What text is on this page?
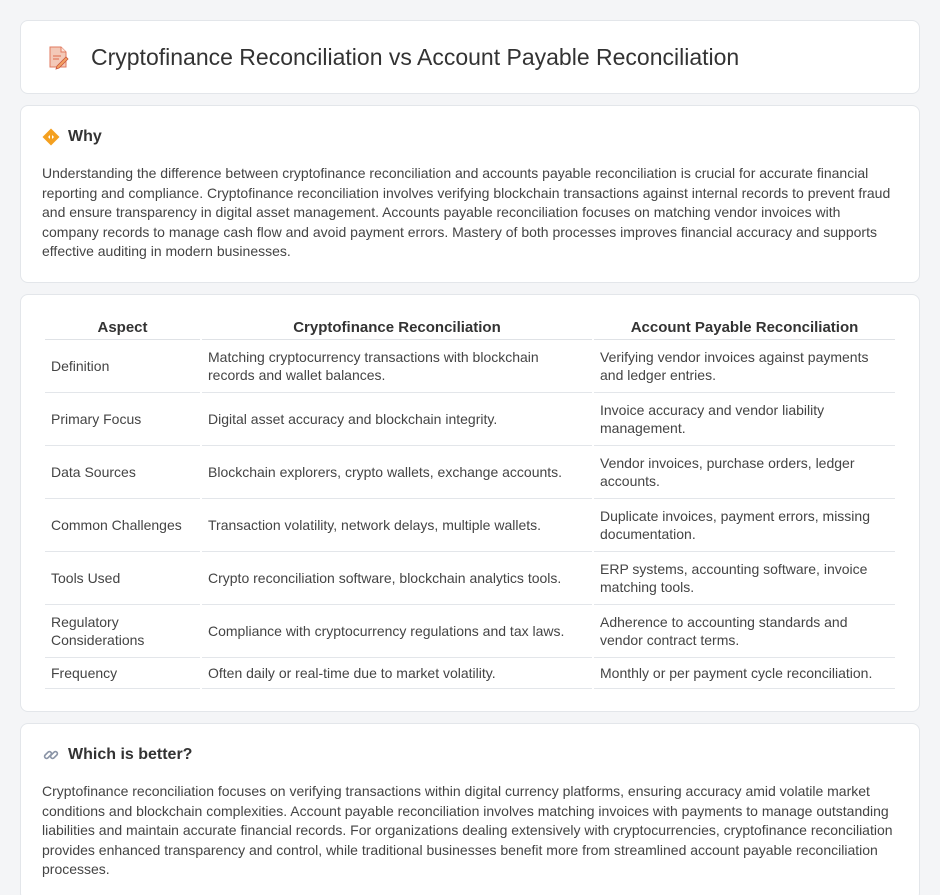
Cryptofinance Reconciliation vs Account Payable Reconciliation
Why

Understanding the difference between cryptofinance reconciliation and accounts payable reconciliation is crucial for accurate financial reporting and compliance. Cryptofinance reconciliation involves verifying blockchain transactions against internal records to prevent fraud and ensure transparency in digital asset management. Accounts payable reconciliation focuses on matching vendor invoices with company records to manage cash flow and avoid payment errors. Mastery of both processes improves financial accuracy and supports effective auditing in modern businesses.

Aspect	Cryptofinance Reconciliation	Account Payable Reconciliation
Definition	Matching cryptocurrency transactions with blockchain records and wallet balances.	Verifying vendor invoices against payments and ledger entries.
Primary Focus	Digital asset accuracy and blockchain integrity.	Invoice accuracy and vendor liability management.
Data Sources	Blockchain explorers, crypto wallets, exchange accounts.	Vendor invoices, purchase orders, ledger accounts.
Common Challenges	Transaction volatility, network delays, multiple wallets.	Duplicate invoices, payment errors, missing documentation.
Tools Used	Crypto reconciliation software, blockchain analytics tools.	ERP systems, accounting software, invoice matching tools.
Regulatory Considerations	Compliance with cryptocurrency regulations and tax laws.	Adherence to accounting standards and vendor contract terms.
Frequency	Often daily or real-time due to market volatility.	Monthly or per payment cycle reconciliation.
Which is better?

Cryptofinance reconciliation focuses on verifying transactions within digital currency platforms, ensuring accuracy amid volatile market conditions and blockchain complexities. Account payable reconciliation involves matching invoices with payments to manage outstanding liabilities and maintain accurate financial records. For organizations dealing extensively with cryptocurrencies, cryptofinance reconciliation provides enhanced transparency and control, while traditional businesses benefit more from streamlined account payable reconciliation processes.
